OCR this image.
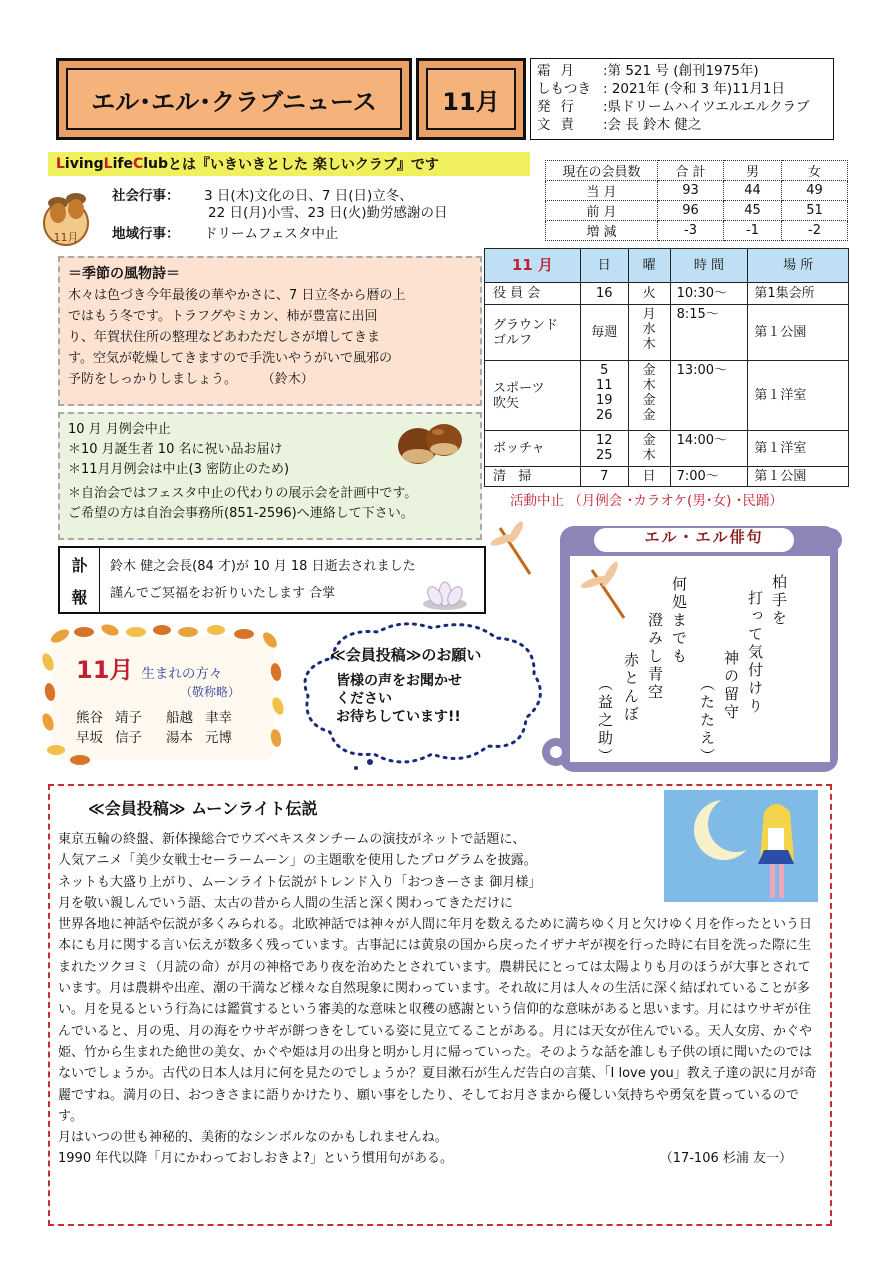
エル･エル･クラブニュース	11月
霜月	:第 521 号 (創刊1975年)
しもつき : 2021年 (令和 3 年)11月1日
発行	:県ドリームハイツエルエルクラブ
文責	:会 長 鈴木 健之
L iving L ife C lub とは『いきいきとした 楽しいクラブ』です	現在の会員数	合 計	男	女
当 月	93	44	49
前 月	96	45	51
増 減	-3	-1	-2
11月
社会行事： 3 日(木)文化の日、7 日(日)立冬、
22 日(月)小雪、23 日(火)勤労感謝の日
地域行事： ドリームフェスタ中止
＝季節の風物詩＝
木々は色づき今年最後の華やかさに、7 日立冬から暦の上
ではもう冬です。トラフグやミカン、柿が豊富に出回
り、年賀状住所の整理などあわただしさが増してきま
す。空気が乾燥してきますので手洗いやうがいで風邪の
予防をしっかりしましょう。      （鈴木）
11 月	日	曜	時 間	場 所
役 員 会	16	火	10:30～	第1集会所
グラウンド
ゴルフ	毎週	月
水
木	8:15～	第１公園
スポーツ
吹矢	5
11
19
26	金
木
金
金	13:00～	第１洋室
ボッチャ	12
25	金
木	14:00～	第１洋室
清   掃	7	日	7:00～	第１公園
活動中止 （月例会 ･カラオケ(男･女) ･民踊）
10 月 月例会中止
＊10 月誕生者 10 名に祝い品お届け
＊11月月例会は中止(3 密防止のため)
＊自治会ではフェスタ中止の代わりの展示会を計画中です。
ご希望の方は自治会事務所(851-2596)へ連絡して下さい。
訃
報
鈴木 健之会長(84 才)が 10 月 18 日逝去されました
謹んでご冥福をお祈りいたします 合掌
11月 生まれの方々
（敬称略）
熊谷 靖子 船越 聿幸
早坂 信子 湯本 元博
≪会員投稿≫のお願い
皆様の声をお聞かせ
ください
お待ちしています!!
エル・エル俳句
柏手を
打って気付けり
神の留守
（たたえ）
何処までも
澄みし青空
赤とんぼ
（益之助）
≪会員投稿≫ ムーンライト伝説
東京五輪の終盤、新体操総合でウズベキスタンチームの演技がネットで話題に、
人気アニメ「美少女戦士セーラームーン」の主題歌を使用したプログラムを披露。
ネットも大盛り上がり、ムーンライト伝説がトレンド入り「おつきーさま 御月様」
月を敬い親しんでいう語、太古の昔から人間の生活と深く関わってきただけに

世界各地に神話や伝説が多くみられる。北欧神話では神々が人間に年月を数えるために満ちゆく月と欠けゆく月を作ったという日本にも月に関する言い伝えが数多く残っています。古事記には黄泉の国から戻ったイザナギが禊を行った時に右目を洗った際に生まれたツクヨミ（月読の命）が月の神格であり夜を治めたとされています。農耕民にとっては太陽よりも月のほうが大事とされています。月は農耕や出産、潮の干満など様々な自然現象に関わっています。それ故に月は人々の生活に深く結ばれていることが多い。月を見るという行為には鑑賞するという審美的な意味と収穫の感謝という信仰的な意味があると思います。月にはウサギが住んでいると、月の兎、月の海をウサギが餅つきをしている姿に見立てることがある。月には天女が住んでいる。天人女房、かぐや姫、竹から生まれた絶世の美女、かぐや姫は月の出身と明かし月に帰っていった。そのような話を誰しも子供の頃に聞いたのではないでしょうか。古代の日本人は月に何を見たのでしょうか？夏目漱石が生んだ告白の言葉、「I love you」教え子達の訳に月が奇麗ですね。満月の日、おつきさまに語りかけたり、願い事をしたり、そしてお月さまから優しい気持ちや勇気を貰っているのです。

月はいつの世も神秘的、美術的なシンボルなのかもしれませんね。
1990 年代以降「月にかわっておしおきよ?」という慣用句がある。	（17-106 杉浦 友一）
